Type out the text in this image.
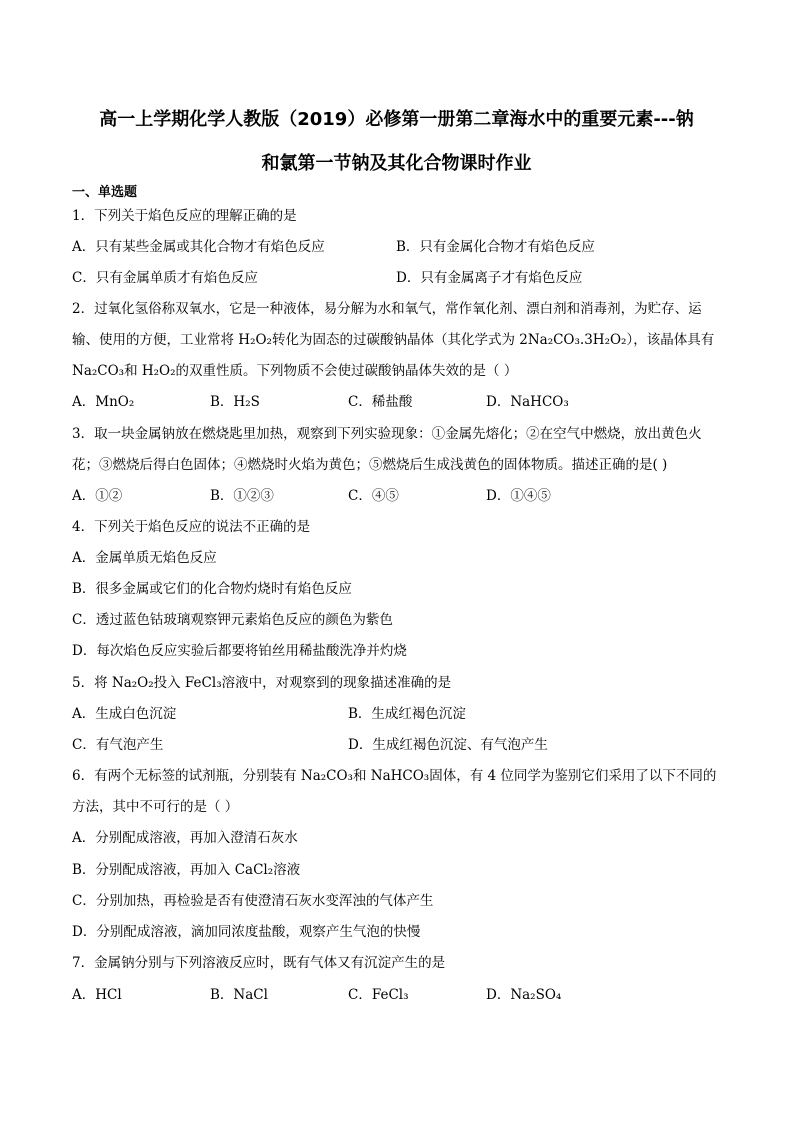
高一上学期化学人教版（2019）必修第一册第二章海水中的重要元素---钠
和氯第一节钠及其化合物课时作业
一、单选题
1．下列关于焰色反应的理解正确的是
A．只有某些金属或其化合物才有焰色反应	B．只有金属化合物才有焰色反应
C．只有金属单质才有焰色反应	D．只有金属离子才有焰色反应
2．过氧化氢俗称双氧水，它是一种液体，易分解为水和氧气，常作氧化剂、漂白剂和消毒剂，为贮存、运
输、使用的方便，工业常将 H₂O₂转化为固态的过碳酸钠晶体（其化学式为 2Na₂CO₃.3H₂O₂），该晶体具有
Na₂CO₃和 H₂O₂的双重性质。下列物质不会使过碳酸钠晶体失效的是（ ）
A．MnO₂	B．H₂S	C．稀盐酸	D．NaHCO₃
3．取一块金属钠放在燃烧匙里加热，观察到下列实验现象：①金属先熔化；②在空气中燃烧，放出黄色火
花；③燃烧后得白色固体；④燃烧时火焰为黄色；⑤燃烧后生成浅黄色的固体物质。描述正确的是( )
A．①②	B．①②③	C．④⑤	D．①④⑤
4．下列关于焰色反应的说法不正确的是
A．金属单质无焰色反应
B．很多金属或它们的化合物灼烧时有焰色反应
C．透过蓝色钴玻璃观察钾元素焰色反应的颜色为紫色
D．每次焰色反应实验后都要将铂丝用稀盐酸洗净并灼烧
5．将 Na₂O₂投入 FeCl₃溶液中，对观察到的现象描述准确的是
A．生成白色沉淀	B．生成红褐色沉淀
C．有气泡产生	D．生成红褐色沉淀、有气泡产生
6．有两个无标签的试剂瓶，分别装有 Na₂CO₃和 NaHCO₃固体，有 4 位同学为鉴别它们采用了以下不同的
方法，其中不可行的是（ ）
A．分别配成溶液，再加入澄清石灰水
B．分别配成溶液，再加入 CaCl₂溶液
C．分别加热，再检验是否有使澄清石灰水变浑浊的气体产生
D．分别配成溶液，滴加同浓度盐酸，观察产生气泡的快慢
7．金属钠分别与下列溶液反应时，既有气体又有沉淀产生的是
A．HCl	B．NaCl	C．FeCl₃	D．Na₂SO₄
